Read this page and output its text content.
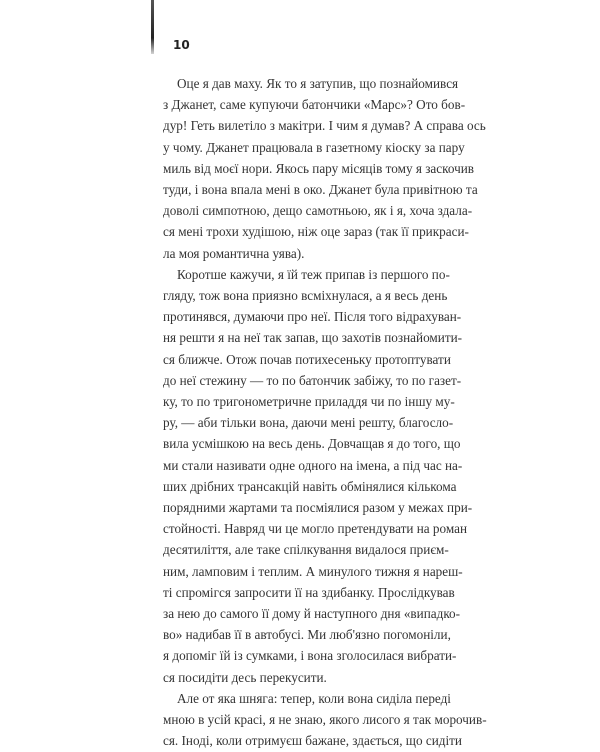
10
Оце я дав маху. Як то я затупив, що познайомився
з Джанет, саме купуючи батончики «Марс»? Ото бов-
дур! Геть вилетіло з макітри. І чим я думав? А справа ось
у чому. Джанет працювала в газетному кіоску за пару
миль від моєї нори. Якось пару місяців тому я заскочив
туди, і вона впала мені в око. Джанет була привітною та
доволі симпотною, дещо самотньою, як і я, хоча здала-
ся мені трохи худішою, ніж оце зараз (так її прикраси-
ла моя романтична уява).
Коротше кажучи, я їй теж припав із першого по-
гляду, тож вона приязно всміхнулася, а я весь день
протинявся, думаючи про неї. Після того відрахуван-
ня решти я на неї так запав, що захотів познайомити-
ся ближче. Отож почав потихесеньку протоптувати
до неї стежину — то по батончик забіжу, то по газет-
ку, то по тригонометричне приладдя чи по іншу му-
ру, — аби тільки вона, даючи мені решту, благосло-
вила усмішкою на весь день. Довчащав я до того, що
ми стали називати одне одного на імена, а під час на-
ших дрібних трансакцій навіть обмінялися кількома
порядними жартами та посміялися разом у межах при-
стойності. Навряд чи це могло претендувати на роман
десятиліття, але таке спілкування видалося приєм-
ним, ламповим і теплим. А минулого тижня я нареш-
ті спромігся запросити її на здибанку. Прослідкував
за нею до самого її дому й наступного дня «випадко-
во» надибав її в автобусі. Ми люб'язно погомоніли,
я допоміг їй із сумками, і вона зголосилася вибрати-
ся посидіти десь перекусити.
Але от яка шняга: тепер, коли вона сиділа переді
мною в усій красі, я не знаю, якого лисого я так морочив-
ся. Іноді, коли отримуєш бажане, здається, що сидіти
